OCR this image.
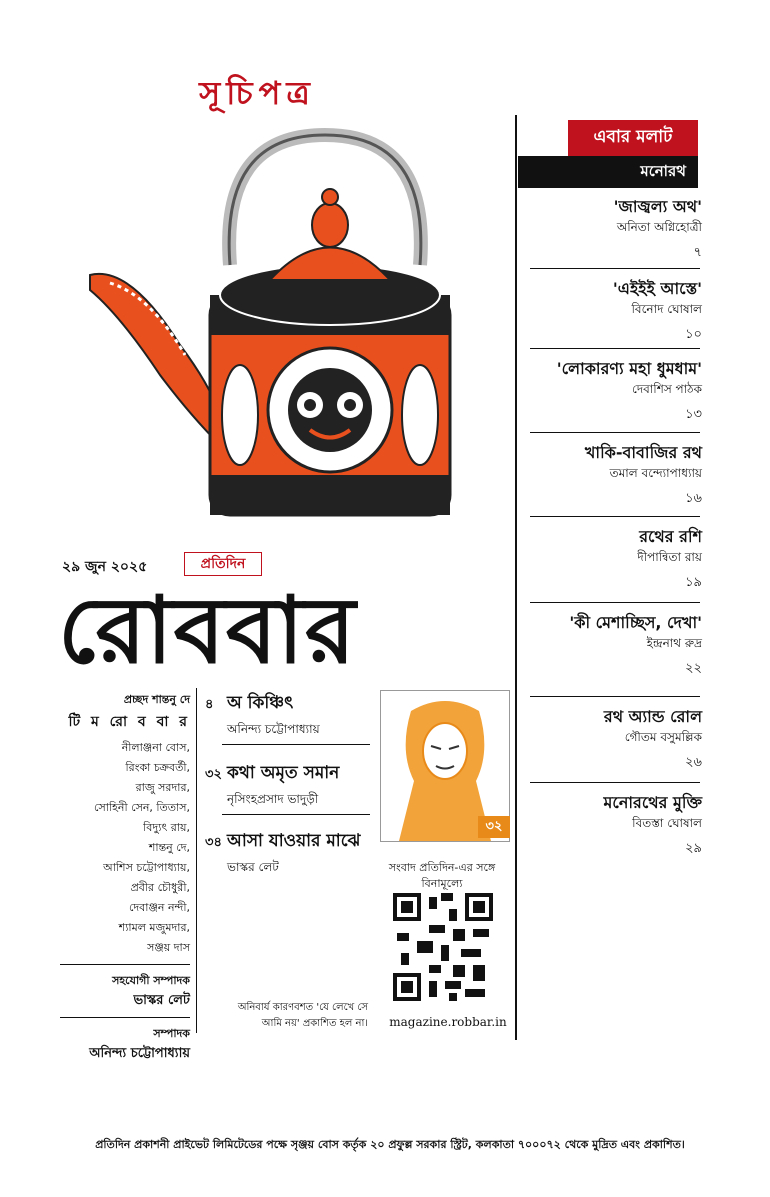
সূচিপত্র
২৯ জুন ২০২৫	প্রতিদিন
রোববার
প্রচ্ছদ শান্তনু দে
টি ম রো ব বা র
নীলাঞ্জনা বোস,
রিংকা চক্রবর্তী,
রাজু সরদার,
সোহিনী সেন, তিতাস,
বিদ্যুৎ রায়,
শান্তনু দে,
আশিস চট্টোপাধ্যায়,
প্রবীর চৌধুরী,
দেবাঞ্জন নন্দী,
শ্যামল মজুমদার,
সঞ্জয় দাস
সহযোগী সম্পাদক
ভাস্কর লেট
সম্পাদক
অনিন্দ্য চট্টোপাধ্যায়
৪ অ কিঞ্চিৎ
অনিন্দ্য চট্টোপাধ্যায়
৩২ কথা অমৃত সমান
নৃসিংহপ্রসাদ ভাদুড়ী
৩৪ আসা যাওয়ার মাঝে
ভাস্কর লেট
৩২
সংবাদ প্রতিদিন-এর সঙ্গে বিনামূল্যে
অনিবার্য কারণবশত 'যে লেখে সে আমি নয়' প্রকাশিত হল না।	magazine.robbar.in
এবার মলাট
মনোরথ
'জাজ্বল্য অথ'
অনিতা অগ্নিহোত্রী
৭
'এইইই আস্তে'
বিনোদ ঘোষাল
১০
'লোকারণ্য মহা ধুমধাম'
দেবাশিস পাঠক
১৩
খাকি-বাবাজির রথ
তমাল বন্দ্যোপাধ্যায়
১৬
রথের রশি
দীপান্বিতা রায়
১৯
'কী মেশাচ্ছিস, দেখা'
ইন্দ্রনাথ রুদ্র
২২
রথ অ্যান্ড রোল
গৌতম বসুমল্লিক
২৬
মনোরথের মুক্তি
বিতস্তা ঘোষাল
২৯
প্রতিদিন প্রকাশনী প্রাইভেট লিমিটেডের পক্ষে সৃঞ্জয় বোস কর্তৃক ২০ প্রফুল্ল সরকার স্ট্রিট, কলকাতা ৭০০০৭২ থেকে মুদ্রিত এবং প্রকাশিত।
